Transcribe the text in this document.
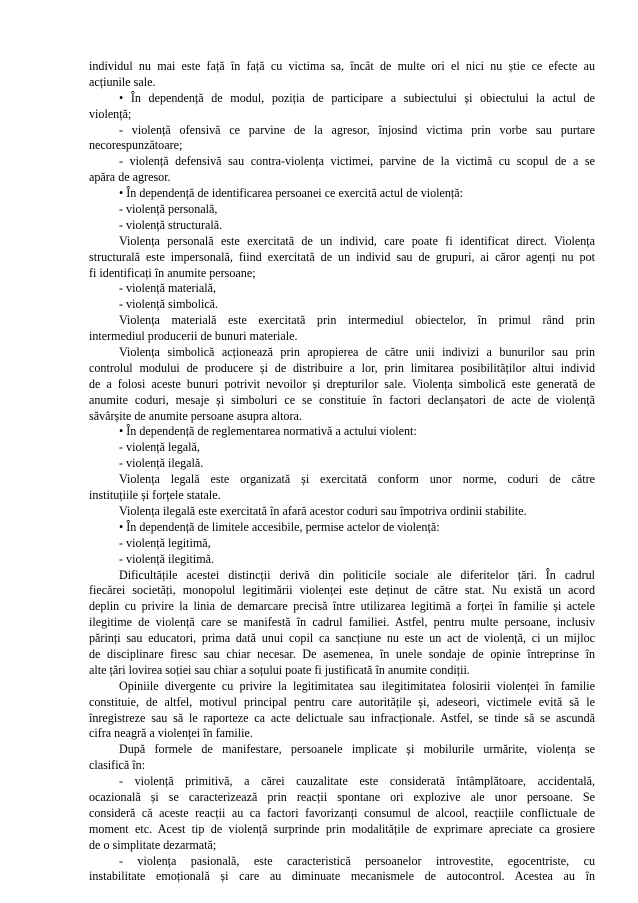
individul nu mai este față în față cu victima sa, încât de multe ori el nici nu știe ce efecte au
acțiunile sale.
• În dependență de modul, poziția de participare a subiectului și obiectului la actul de
violență;
- violență ofensivă ce parvine de la agresor, înjosind victima prin vorbe sau purtare
necorespunzătoare;
- violență defensivă sau contra-violența victimei, parvine de la victimă cu scopul de a se
apăra de agresor.
• În dependență de identificarea persoanei ce exercită actul de violență:
- violență personală,
- violență structurală.
Violența personală este exercitată de un individ, care poate fi identificat direct. Violența
structurală este impersonală, fiind exercitată de un individ sau de grupuri, ai căror agenți nu pot
fi identificați în anumite persoane;
- violență materială,
- violență simbolică.
Violența materială este exercitată prin intermediul obiectelor, în primul rând prin
intermediul producerii de bunuri materiale.
Violența simbolică acționează prin apropierea de către unii indivizi a bunurilor sau prin
controlul modului de producere și de distribuire a lor, prin limitarea posibilităților altui individ
de a folosi aceste bunuri potrivit nevoilor și drepturilor sale. Violența simbolică este generată de
anumite coduri, mesaje și simboluri ce se constituie în factori declanșatori de acte de violență
săvârșite de anumite persoane asupra altora.
• În dependență de reglementarea normativă a actului violent:
- violență legală,
- violență ilegală.
Violența legală este organizată și exercitată conform unor norme, coduri de către
instituțiile și forțele statale.
Violența ilegală este exercitată în afară acestor coduri sau împotriva ordinii stabilite.
• În dependență de limitele accesibile, permise actelor de violență:
- violență legitimă,
- violență ilegitimă.
Dificultățile acestei distincții derivă din politicile sociale ale diferitelor țări. În cadrul
fiecărei societăți, monopolul legitimării violenței este deținut de către stat. Nu există un acord
deplin cu privire la linia de demarcare precisă între utilizarea legitimă a forței în familie și actele
ilegitime de violență care se manifestă în cadrul familiei. Astfel, pentru multe persoane, inclusiv
părinți sau educatori, prima dată unui copil ca sancțiune nu este un act de violență, ci un mijloc
de disciplinare firesc sau chiar necesar. De asemenea, în unele sondaje de opinie întreprinse în
alte țări lovirea soției sau chiar a soțului poate fi justificată în anumite condiții.
Opiniile divergente cu privire la legitimitatea sau ilegitimitatea folosirii violenței în familie
constituie, de altfel, motivul principal pentru care autoritățile și, adeseori, victimele evită să le
înregistreze sau să le raporteze ca acte delictuale sau infracționale. Astfel, se tinde să se ascundă
cifra neagră a violenței în familie.
După formele de manifestare, persoanele implicate și mobilurile urmărite, violența se
clasifică în:
- violență primitivă, a cărei cauzalitate este considerată întâmplătoare, accidentală,
ocazională și se caracterizează prin reacții spontane ori explozive ale unor persoane. Se
consideră că aceste reacții au ca factori favorizanți consumul de alcool, reacțiile conflictuale de
moment etc. Acest tip de violență surprinde prin modalitățile de exprimare apreciate ca grosiere
de o simplitate dezarmată;
- violența pasională, este caracteristică persoanelor introvestite, egocentriste, cu
instabilitate emoțională și care au diminuate mecanismele de autocontrol. Acestea au în
